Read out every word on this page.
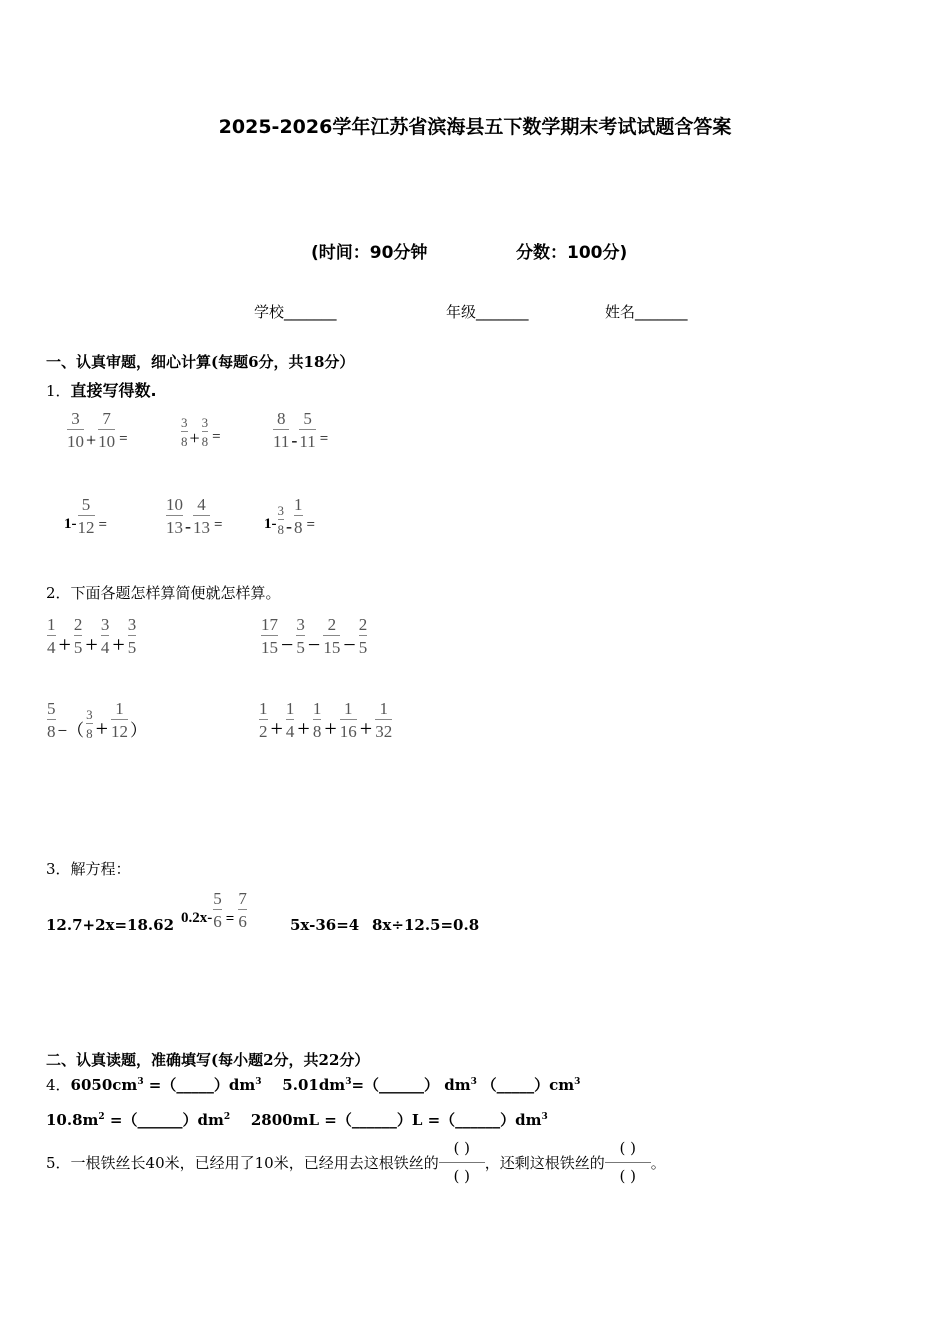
2025-2026学年江苏省滨海县五下数学期末考试试题含答案
(时间：90分钟	分数：100分)
学校_______	年级_______	姓名_______
一、认真审题，细心计算(每题6分，共18分）
1．直接写得数.
$\frac{3}{10} + \frac{7}{10}$ =	$\frac{3}{8} + \frac{3}{8}$ =	$\frac{8}{11} - \frac{5}{11}$ =
$1- \frac{5}{12}$ =	$\frac{10}{13} - \frac{4}{13}$ =	$1- \frac{3}{8} - \frac{1}{8}$ =
2．下面各题怎样算简便就怎样算。
$\frac{1}{4} + \frac{2}{5} + \frac{3}{4} + \frac{3}{5}$	$\frac{17}{15} - \frac{3}{5} - \frac{2}{15} - \frac{2}{5}$
$\frac{5}{8}$ −（ $\frac{3}{8} + \frac{1}{12}$ ）	$\frac{1}{2} + \frac{1}{4} + \frac{1}{8} + \frac{1}{16} + \frac{1}{32}$
3．解方程：
12.7+2x=18.62 $0.2x- \frac{5}{6} = \frac{7}{6}$	5x-36=4 8x÷12.5=0.8
二、认真读题，准确填写(每小题2分，共22分）
4．$6050cm^3$ $=(\_\_\_\_\_)dm^3$ $5.01dm^3=(\_\_\_\_\_\_)$ $dm^3$ $(\_\_\_\_\_)cm^3$
$10.8m^2$ $=(\_\_\_\_\_\_)dm^2$ 2800mL =（______）L $=(\_\_\_\_\_\_)dm^3$
5． 一根铁丝长40米，已经用了10米，已经用去这根铁丝的 $\frac{( )}{( )}$ ，还剩这根铁丝的 $\frac{( )}{( )}$ 。
